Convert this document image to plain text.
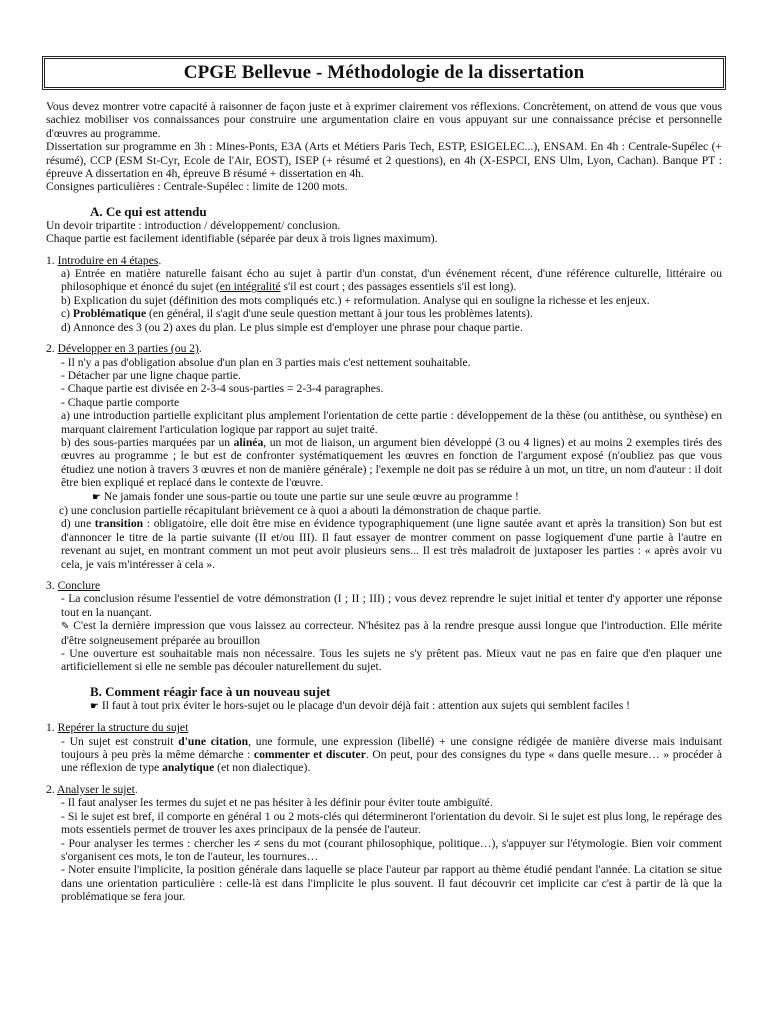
CPGE Bellevue - Méthodologie de la dissertation

Vous devez montrer votre capacité à raisonner de façon juste et à exprimer clairement vos réflexions. Concrètement, on attend de vous que vous sachiez mobiliser vos connaissances pour construire une argumentation claire en vous appuyant sur une connaissance précise et personnelle d'œuvres au programme.

Dissertation sur programme en 3h : Mines-Ponts, E3A (Arts et Métiers Paris Tech, ESTP, ESIGELEC...), ENSAM. En 4h : Centrale-Supélec (+ résumé), CCP (ESM St-Cyr, Ecole de l'Air, EOST), ISEP (+ résumé et 2 questions), en 4h (X-ESPCI, ENS Ulm, Lyon, Cachan). Banque PT : épreuve A dissertation en 4h, épreuve B résumé + dissertation en 4h.

Consignes particulières : Centrale-Supélec : limite de 1200 mots.

A. Ce qui est attendu

Un devoir tripartite : introduction / développement/ conclusion.

Chaque partie est facilement identifiable (séparée par deux à trois lignes maximum).

1. Introduire en 4 étapes.

a) Entrée en matière naturelle faisant écho au sujet à partir d'un constat, d'un événement récent, d'une référence culturelle, littéraire ou philosophique et énoncé du sujet (en intégralité s'il est court ; des passages essentiels s'il est long).

b) Explication du sujet (définition des mots compliqués etc.) + reformulation. Analyse qui en souligne la richesse et les enjeux.

c) Problématique (en général, il s'agit d'une seule question mettant à jour tous les problèmes latents).

d) Annonce des 3 (ou 2) axes du plan. Le plus simple est d'employer une phrase pour chaque partie.

2. Développer en 3 parties (ou 2).

- Il n'y a pas d'obligation absolue d'un plan en 3 parties mais c'est nettement souhaitable.

- Détacher par une ligne chaque partie.

- Chaque partie est divisée en 2-3-4 sous-parties = 2-3-4 paragraphes.

- Chaque partie comporte

a) une introduction partielle explicitant plus amplement l'orientation de cette partie : développement de la thèse (ou antithèse, ou synthèse) en marquant clairement l'articulation logique par rapport au sujet traité.

b) des sous-parties marquées par un alinéa, un mot de liaison, un argument bien développé (3 ou 4 lignes) et au moins 2 exemples tirés des œuvres au programme ; le but est de confronter systématiquement les œuvres en fonction de l'argument exposé (n'oubliez pas que vous étudiez une notion à travers 3 œuvres et non de manière générale) ; l'exemple ne doit pas se réduire à un mot, un titre, un nom d'auteur : il doit être bien expliqué et replacé dans le contexte de l'œuvre.

☛ Ne jamais fonder une sous-partie ou toute une partie sur une seule œuvre au programme !

c) une conclusion partielle récapitulant brièvement ce à quoi a abouti la démonstration de chaque partie.

d) une transition : obligatoire, elle doit être mise en évidence typographiquement (une ligne sautée avant et après la transition) Son but est d'annoncer le titre de la partie suivante (II et/ou III). Il faut essayer de montrer comment on passe logiquement d'une partie à l'autre en revenant au sujet, en montrant comment un mot peut avoir plusieurs sens... Il est très maladroit de juxtaposer les parties : « après avoir vu cela, je vais m'intéresser à cela ».

3. Conclure

- La conclusion résume l'essentiel de votre démonstration (I ; II ; III) ; vous devez reprendre le sujet initial et tenter d'y apporter une réponse tout en la nuançant.

✎ C'est la dernière impression que vous laissez au correcteur. N'hésitez pas à la rendre presque aussi longue que l'introduction. Elle mérite d'être soigneusement préparée au brouillon

- Une ouverture est souhaitable mais non nécessaire. Tous les sujets ne s'y prêtent pas. Mieux vaut ne pas en faire que d'en plaquer une artificiellement si elle ne semble pas découler naturellement du sujet.

B. Comment réagir face à un nouveau sujet

☛ Il faut à tout prix éviter le hors-sujet ou le placage d'un devoir déjà fait : attention aux sujets qui semblent faciles !

1. Repérer la structure du sujet

- Un sujet est construit d'une citation, une formule, une expression (libellé) + une consigne rédigée de manière diverse mais induisant toujours à peu près la même démarche : commenter et discuter. On peut, pour des consignes du type « dans quelle mesure… » procéder à une réflexion de type analytique (et non dialectique).

2. Analyser le sujet.

- Il faut analyser les termes du sujet et ne pas hésiter à les définir pour éviter toute ambiguïté.

- Si le sujet est bref, il comporte en général 1 ou 2 mots-clés qui détermineront l'orientation du devoir. Si le sujet est plus long, le repérage des mots essentiels permet de trouver les axes principaux de la pensée de l'auteur.

- Pour analyser les termes : chercher les ≠ sens du mot (courant philosophique, politique…), s'appuyer sur l'étymologie. Bien voir comment s'organisent ces mots, le ton de l'auteur, les tournures…

- Noter ensuite l'implicite, la position générale dans laquelle se place l'auteur par rapport au thème étudié pendant l'année. La citation se situe dans une orientation particulière : celle-là est dans l'implicite le plus souvent. Il faut découvrir cet implicite car c'est à partir de là que la problématique se fera jour.
